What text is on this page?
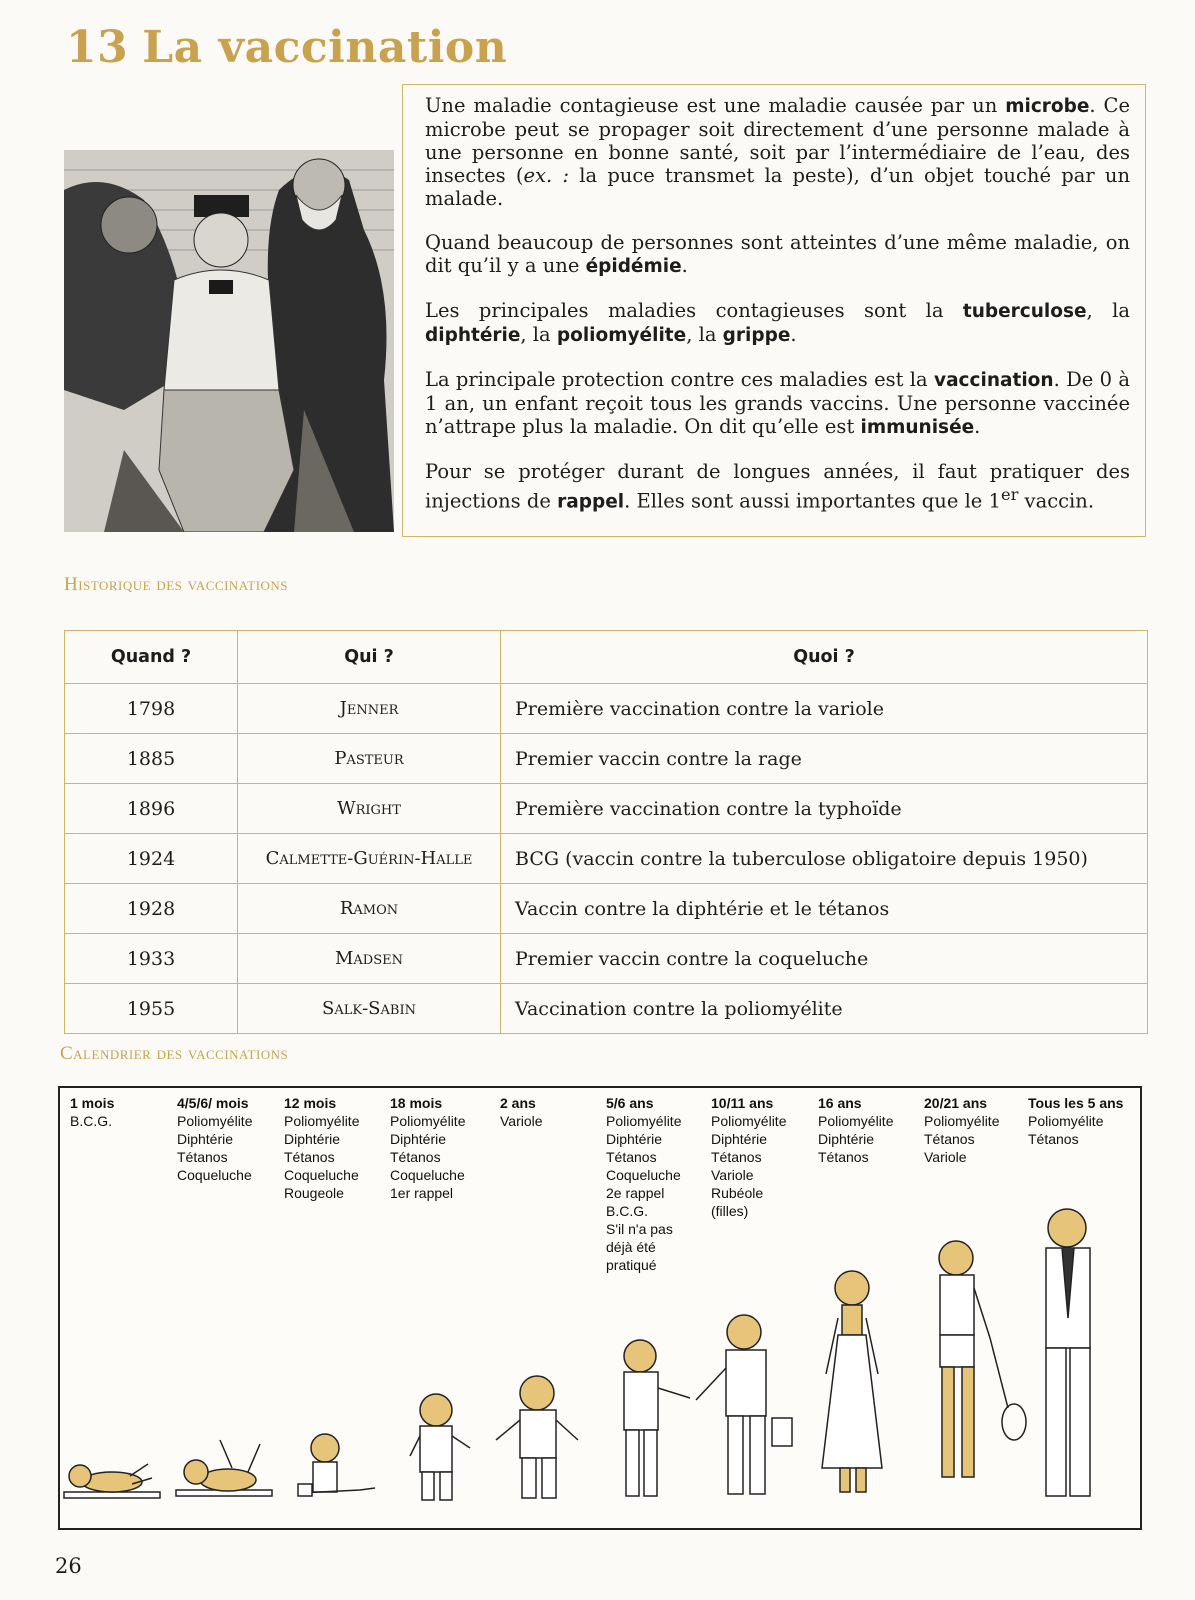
13 La vaccination

Une maladie contagieuse est une maladie causée par un microbe. Ce microbe peut se propager soit directement d’une personne malade à une personne en bonne santé, soit par l’intermédiaire de l’eau, des insectes (ex. : la puce transmet la peste), d’un objet touché par un malade.

Quand beaucoup de personnes sont atteintes d’une même maladie, on dit qu’il y a une épidémie.

Les principales maladies contagieuses sont la tuberculose, la diphtérie, la poliomyélite, la grippe.

La principale protection contre ces maladies est la vaccination. De 0 à 1 an, un enfant reçoit tous les grands vaccins. Une personne vaccinée n’attrape plus la maladie. On dit qu’elle est immunisée.

Pour se protéger durant de longues années, il faut pratiquer des injections de rappel. Elles sont aussi importantes que le 1er vaccin.

Historique des vaccinations
Quand ?	Qui ?	Quoi ?
1798	Jenner	Première vaccination contre la variole
1885	Pasteur	Premier vaccin contre la rage
1896	Wright	Première vaccination contre la typhoïde
1924	Calmette-Guérin-Halle	BCG (vaccin contre la tuberculose obligatoire depuis 1950)
1928	Ramon	Vaccin contre la diphtérie et le tétanos
1933	Madsen	Premier vaccin contre la coqueluche
1955	Salk-Sabin	Vaccination contre la poliomyélite
Calendrier des vaccinations
1 mois
B.C.G.
4/5/6/ mois
Poliomyélite
Diphtérie
Tétanos
Coqueluche
12 mois
Poliomyélite
Diphtérie
Tétanos
Coqueluche
Rougeole
18 mois
Poliomyélite
Diphtérie
Tétanos
Coqueluche
1er rappel
2 ans
Variole
5/6 ans
Poliomyélite
Diphtérie
Tétanos
Coqueluche
2e rappel
B.C.G.
S'il n'a pas
déjà été
pratiqué
10/11 ans
Poliomyélite
Diphtérie
Tétanos
Variole
Rubéole
(filles)
16 ans
Poliomyélite
Diphtérie
Tétanos
20/21 ans
Poliomyélite
Tétanos
Variole
Tous les 5 ans
Poliomyélite
Tétanos
26
